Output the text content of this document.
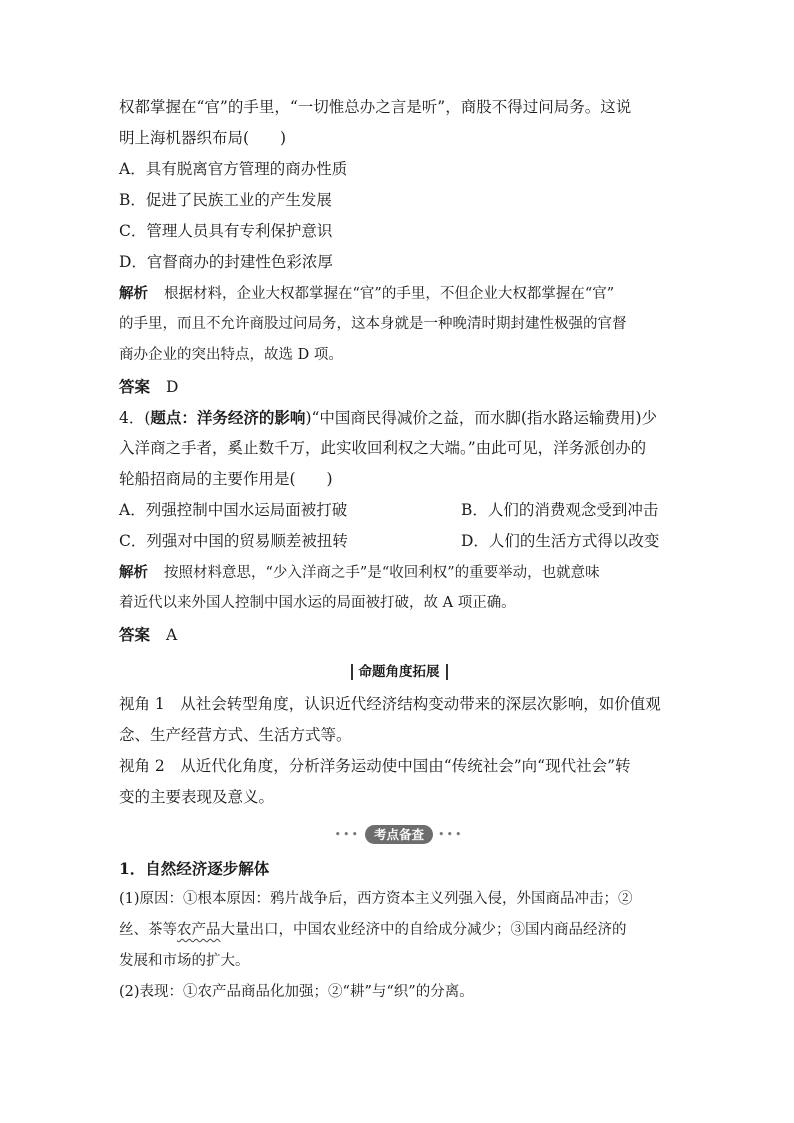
权都掌握在“官”的手里，“一切惟总办之言是听”，商股不得过问局务。这说
明上海机器织布局(　　)
A．具有脱离官方管理的商办性质
B．促进了民族工业的产生发展
C．管理人员具有专利保护意识
D．官督商办的封建性色彩浓厚
解析 根据材料，企业大权都掌握在“官”的手里，不但企业大权都掌握在“官”
的手里，而且不允许商股过问局务，这本身就是一种晚清时期封建性极强的官督
商办企业的突出特点，故选 D 项。
答案 D
4．(题点：洋务经济的影响)“中国商民得减价之益，而水脚(指水路运输费用)少
入洋商之手者，奚止数千万，此实收回利权之大端。”由此可见，洋务派创办的
轮船招商局的主要作用是(　　)
A．列强控制中国水运局面被打破	B．人们的消费观念受到冲击
C．列强对中国的贸易顺差被扭转	D．人们的生活方式得以改变
解析 按照材料意思，“少入洋商之手”是“收回利权”的重要举动，也就意味
着近代以来外国人控制中国水运的局面被打破，故 A 项正确。
答案 A
命题角度拓展
视角 1　从社会转型角度，认识近代经济结构变动带来的深层次影响，如价值观
念、生产经营方式、生活方式等。
视角 2　从近代化角度，分析洋务运动使中国由“传统社会”向“现代社会”转
变的主要表现及意义。
•••	考点备查	•••
1．自然经济逐步解体
(1)原因：①根本原因：鸦片战争后，西方资本主义列强入侵，外国商品冲击；②
丝、茶等农产品大量出口，中国农业经济中的自给成分减少；③国内商品经济的
发展和市场的扩大。
(2)表现：①农产品商品化加强；②“耕”与“织”的分离。
